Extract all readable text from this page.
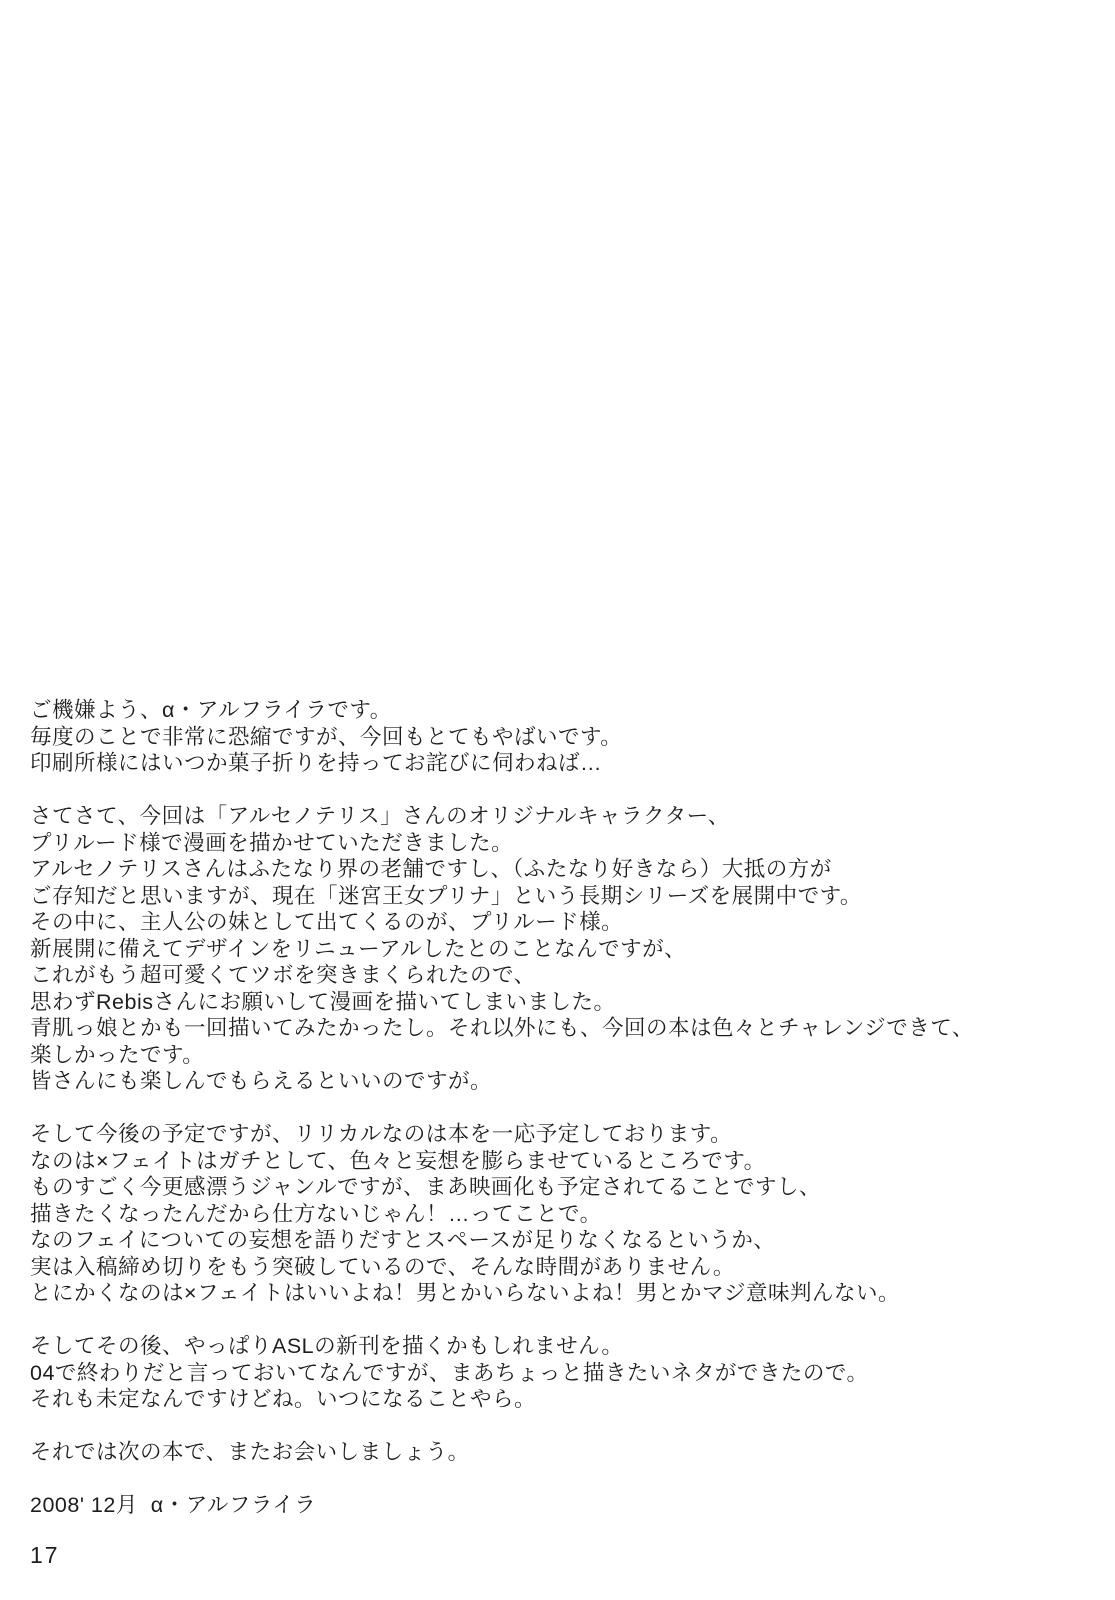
ご機嫌よう、α・アルフライラです。
毎度のことで非常に恐縮ですが、今回もとてもやばいです。
印刷所様にはいつか菓子折りを持ってお詫びに伺わねば…

さてさて、今回は「アルセノテリス」さんのオリジナルキャラクター、
プリルード様で漫画を描かせていただきました。
アルセノテリスさんはふたなり界の老舗ですし、（ふたなり好きなら）大抵の方が
ご存知だと思いますが、現在「迷宮王女プリナ」という長期シリーズを展開中です。
その中に、主人公の妹として出てくるのが、プリルード様。
新展開に備えてデザインをリニューアルしたとのことなんですが、
これがもう超可愛くてツボを突きまくられたので、
思わずRebisさんにお願いして漫画を描いてしまいました。
青肌っ娘とかも一回描いてみたかったし。それ以外にも、今回の本は色々とチャレンジできて、
楽しかったです。
皆さんにも楽しんでもらえるといいのですが。

そして今後の予定ですが、リリカルなのは本を一応予定しております。
なのは×フェイトはガチとして、色々と妄想を膨らませているところです。
ものすごく今更感漂うジャンルですが、まあ映画化も予定されてることですし、
描きたくなったんだから仕方ないじゃん！…ってことで。
なのフェイについての妄想を語りだすとスペースが足りなくなるというか、
実は入稿締め切りをもう突破しているので、そんな時間がありません。
とにかくなのは×フェイトはいいよね！男とかいらないよね！男とかマジ意味判んない。

そしてその後、やっぱりASLの新刊を描くかもしれません。
04で終わりだと言っておいてなんですが、まあちょっと描きたいネタができたので。
それも未定なんですけどね。いつになることやら。

それでは次の本で、またお会いしましょう。

2008' 12月  α・アルフライラ
17
